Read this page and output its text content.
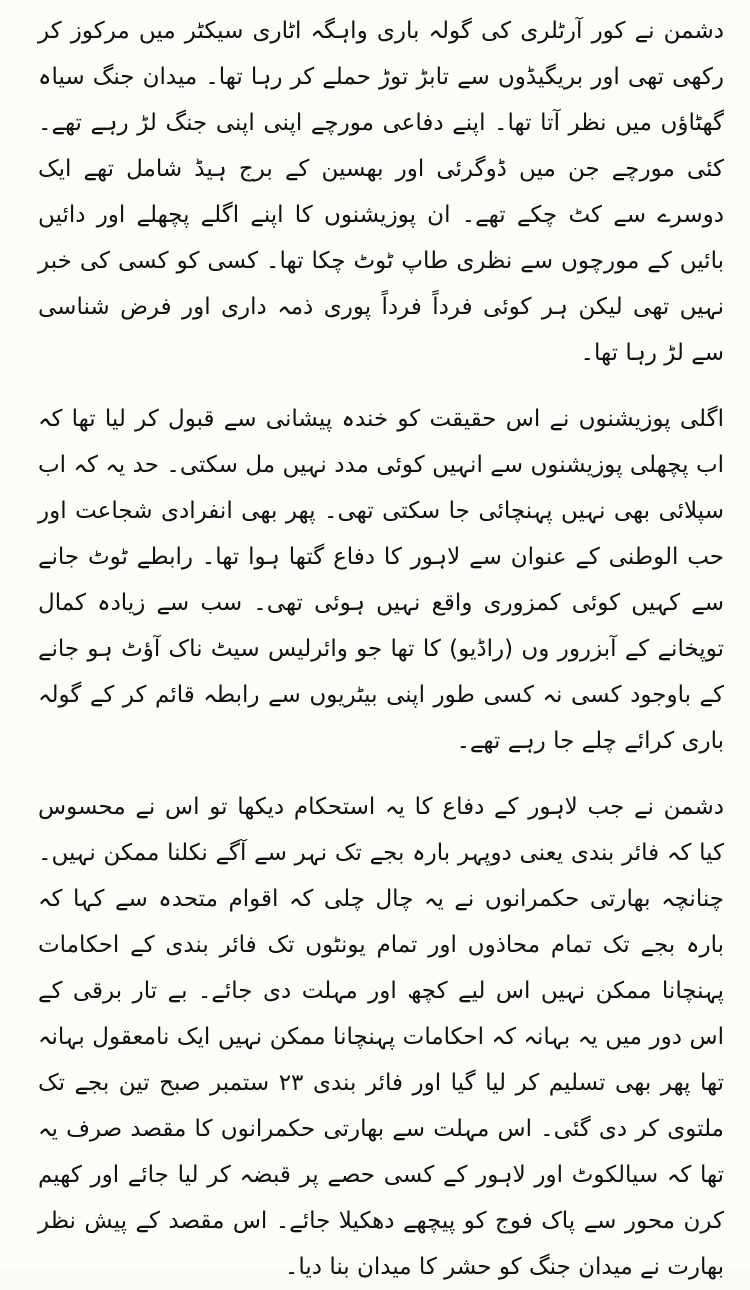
دشمن نے کور آرٹلری کی گولہ باری واہگہ اٹاری سیکٹر میں مرکوز کر رکھی تھی اور بریگیڈوں سے تابڑ توڑ حملے کر رہا تھا۔ میدان جنگ سیاہ گھٹاؤں میں نظر آتا تھا۔ اپنے دفاعی مورچے اپنی اپنی جنگ لڑ رہے تھے۔ کئی مورچے جن میں ڈوگرئی اور بھسین کے برج ہیڈ شامل تھے ایک دوسرے سے کٹ چکے تھے۔ ان پوزیشنوں کا اپنے اگلے پچھلے اور دائیں بائیں کے مورچوں سے نظری طاپ ٹوٹ چکا تھا۔ کسی کو کسی کی خبر نہیں تھی لیکن ہر کوئی فرداً فرداً پوری ذمہ داری اور فرض شناسی سے لڑ رہا تھا۔

اگلی پوزیشنوں نے اس حقیقت کو خندہ پیشانی سے قبول کر لیا تھا کہ اب پچھلی پوزیشنوں سے انہیں کوئی مدد نہیں مل سکتی۔ حد یہ کہ اب سپلائی بھی نہیں پہنچائی جا سکتی تھی۔ پھر بھی انفرادی شجاعت اور حب الوطنی کے عنوان سے لاہور کا دفاع گتھا ہوا تھا۔ رابطے ٹوٹ جانے سے کہیں کوئی کمزوری واقع نہیں ہوئی تھی۔ سب سے زیادہ کمال توپخانے کے آبزرور وں (راڈیو) کا تھا جو وائرلیس سیٹ ناک آؤٹ ہو جانے کے باوجود کسی نہ کسی طور اپنی بیٹریوں سے رابطہ قائم کر کے گولہ باری کرائے چلے جا رہے تھے۔

دشمن نے جب لاہور کے دفاع کا یہ استحکام دیکھا تو اس نے محسوس کیا کہ فائر بندی یعنی دوپہر بارہ بجے تک نہر سے آگے نکلنا ممکن نہیں۔ چنانچہ بھارتی حکمرانوں نے یہ چال چلی کہ اقوام متحدہ سے کہا کہ بارہ بجے تک تمام محاذوں اور تمام یونٹوں تک فائر بندی کے احکامات پہنچانا ممکن نہیں اس لیے کچھ اور مہلت دی جائے۔ بے تار برقی کے اس دور میں یہ بہانہ کہ احکامات پہنچانا ممکن نہیں ایک نامعقول بہانہ تھا پھر بھی تسلیم کر لیا گیا اور فائر بندی ۲۳ ستمبر صبح تین بجے تک ملتوی کر دی گئی۔ اس مہلت سے بھارتی حکمرانوں کا مقصد صرف یہ تھا کہ سیالکوٹ اور لاہور کے کسی حصے پر قبضہ کر لیا جائے اور کھیم کرن محور سے پاک فوج کو پیچھے دھکیلا جائے۔ اس مقصد کے پیش نظر بھارت نے میدان جنگ کو حشر کا میدان بنا دیا۔
